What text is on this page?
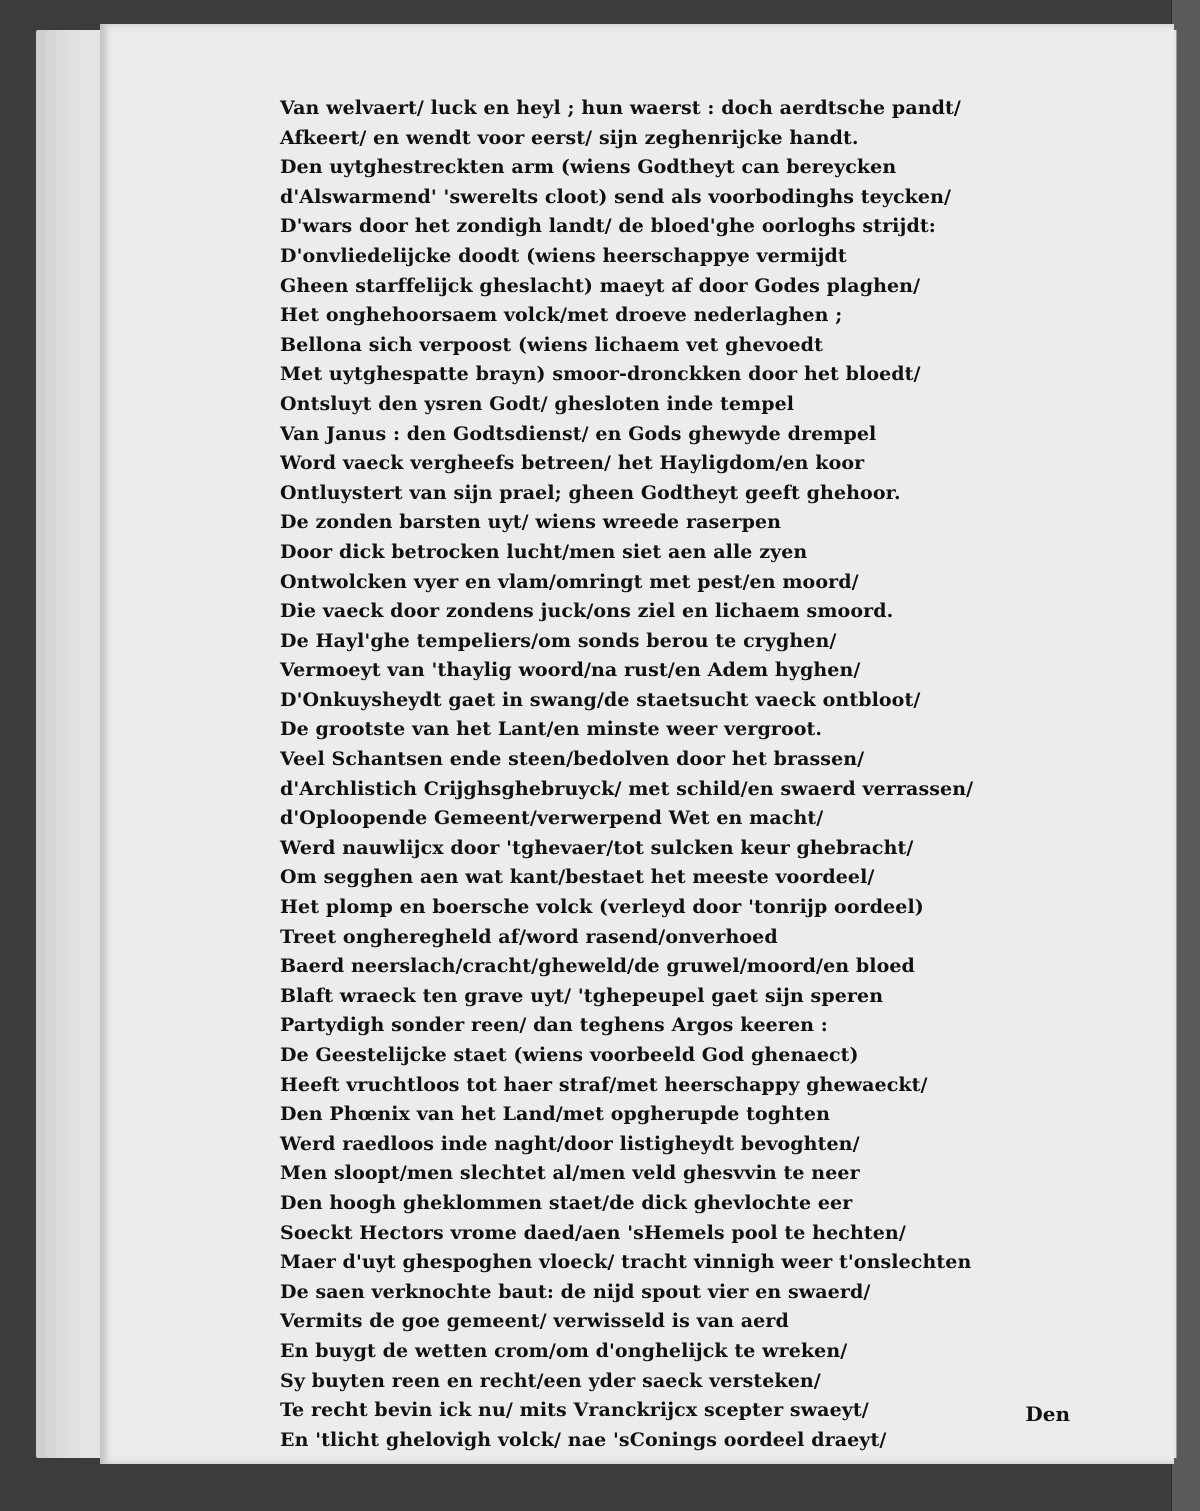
Van welvaert/ luck en heyl ; hun waerst : doch aerdtsche pandt/

Afkeert/ en wendt voor eerst/ sijn zeghenrijcke handt.

Den uytghestreckten arm (wiens Godtheyt can bereycken

d'Alswarmend' 'swerelts cloot) send als voorbodinghs teycken/

D'wars door het zondigh landt/ de bloed'ghe oorloghs strijdt:

D'onvliedelijcke doodt (wiens heerschappye vermijdt

Gheen starffelijck gheslacht) maeyt af door Godes plaghen/

Het onghehoorsaem volck/met droeve nederlaghen ;

Bellona sich verpoost (wiens lichaem vet ghevoedt

Met uytghespatte brayn) smoor-dronckken door het bloedt/

Ontsluyt den ysren Godt/ ghesloten inde tempel

Van Janus : den Godtsdienst/ en Gods ghewyde drempel

Word vaeck vergheefs betreen/ het Hayligdom/en koor

Ontluystert van sijn prael; gheen Godtheyt geeft ghehoor.

De zonden barsten uyt/ wiens wreede raserpen

Door dick betrocken lucht/men siet aen alle zyen

Ontwolcken vyer en vlam/omringt met pest/en moord/

Die vaeck door zondens juck/ons ziel en lichaem smoord.

De Hayl'ghe tempeliers/om sonds berou te cryghen/

Vermoeyt van 'thaylig woord/na rust/en Adem hyghen/

D'Onkuysheydt gaet in swang/de staetsucht vaeck ontbloot/

De grootste van het Lant/en minste weer vergroot.

Veel Schantsen ende steen/bedolven door het brassen/

d'Archlistich Crijghsghebruyck/ met schild/en swaerd verrassen/

d'Oploopende Gemeent/verwerpend Wet en macht/

Werd nauwlijcx door 'tghevaer/tot sulcken keur ghebracht/

Om segghen aen wat kant/bestaet het meeste voordeel/

Het plomp en boersche volck (verleyd door 'tonrijp oordeel)

Treet ongheregheld af/word rasend/onverhoed

Baerd neerslach/cracht/gheweld/de gruwel/moord/en bloed

Blaft wraeck ten grave uyt/ 'tghepeupel gaet sijn speren

Partydigh sonder reen/ dan teghens Argos keeren :

De Geestelijcke staet (wiens voorbeeld God ghenaect)

Heeft vruchtloos tot haer straf/met heerschappy ghewaeckt/

Den Phœnix van het Land/met opgherupde toghten

Werd raedloos inde naght/door listigheydt bevoghten/

Men sloopt/men slechtet al/men veld ghesvvin te neer

Den hoogh gheklommen staet/de dick ghevlochte eer

Soeckt Hectors vrome daed/aen 'sHemels pool te hechten/

Maer d'uyt ghespoghen vloeck/ tracht vinnigh weer t'onslechten

De saen verknochte baut: de nijd spout vier en swaerd/

Vermits de goe gemeent/ verwisseld is van aerd

En buygt de wetten crom/om d'onghelijck te wreken/

Sy buyten reen en recht/een yder saeck versteken/

Te recht bevin ick nu/ mits Vranckrijcx scepter swaeyt/

En 'tlicht ghelovigh volck/ nae 'sConings oordeel draeyt/

Den
